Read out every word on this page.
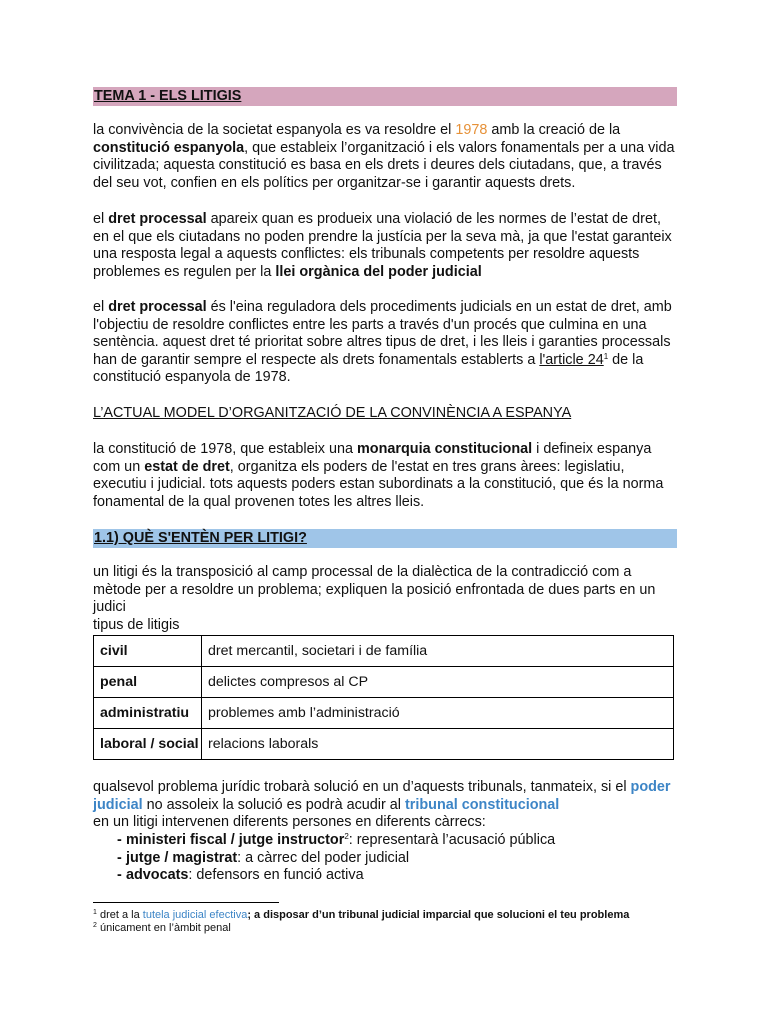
TEMA 1 - ELS LITIGIS

la convivència de la societat espanyola es va resoldre el 1978 amb la creació de la constitució espanyola, que estableix l’organització i els valors fonamentals per a una vida civilitzada; aquesta constitució es basa en els drets i deures dels ciutadans, que, a través del seu vot, confien en els polítics per organitzar-se i garantir aquests drets.

el dret processal apareix quan es produeix una violació de les normes de l’estat de dret, en el que els ciutadans no poden prendre la justícia per la seva mà, ja que l'estat garanteix una resposta legal a aquests conflictes: els tribunals competents per resoldre aquests problemes es regulen per la llei orgànica del poder judicial

el dret processal és l'eina reguladora dels procediments judicials en un estat de dret, amb l'objectiu de resoldre conflictes entre les parts a través d'un procés que culmina en una sentència. aquest dret té prioritat sobre altres tipus de dret, i les lleis i garanties processals han de garantir sempre el respecte als drets fonamentals establerts a l'article $24^1$ de la constitució espanyola de 1978.

L’ACTUAL MODEL D’ORGANITZACIÓ DE LA CONVINÈNCIA A ESPANYA

la constitució de 1978, que estableix una monarquia constitucional i defineix espanya com un estat de dret, organitza els poders de l'estat en tres grans àrees: legislatiu, executiu i judicial. tots aquests poders estan subordinats a la constitució, que és la norma fonamental de la qual provenen totes les altres lleis.

1.1) QUÈ S'ENTÈN PER LITIGI?

un litigi és la transposició al camp processal de la dialèctica de la contradicció com a mètode per a resoldre un problema; expliquen la posició enfrontada de dues parts en un judici

tipus de litigis

civil	dret mercantil, societari i de família
penal	delictes compresos al CP
administratiu	problemes amb l’administració
laboral / social	relacions laborals

qualsevol problema jurídic trobarà solució en un d’aquests tribunals, tanmateix, si el poder judicial no assoleix la solució es podrà acudir al tribunal constitucional

en un litigi intervenen diferents persones en diferents càrrecs:

- ministeri fiscal / jutge instructor$^2$: representarà l’acusació pública
- jutge / magistrat: a càrrec del poder judicial
- advocats: defensors en funció activa
$^1$ dret a la tutela judicial efectiva; a disposar d’un tribunal judicial imparcial que solucioni el teu problema
$^2$ únicament en l’àmbit penal
